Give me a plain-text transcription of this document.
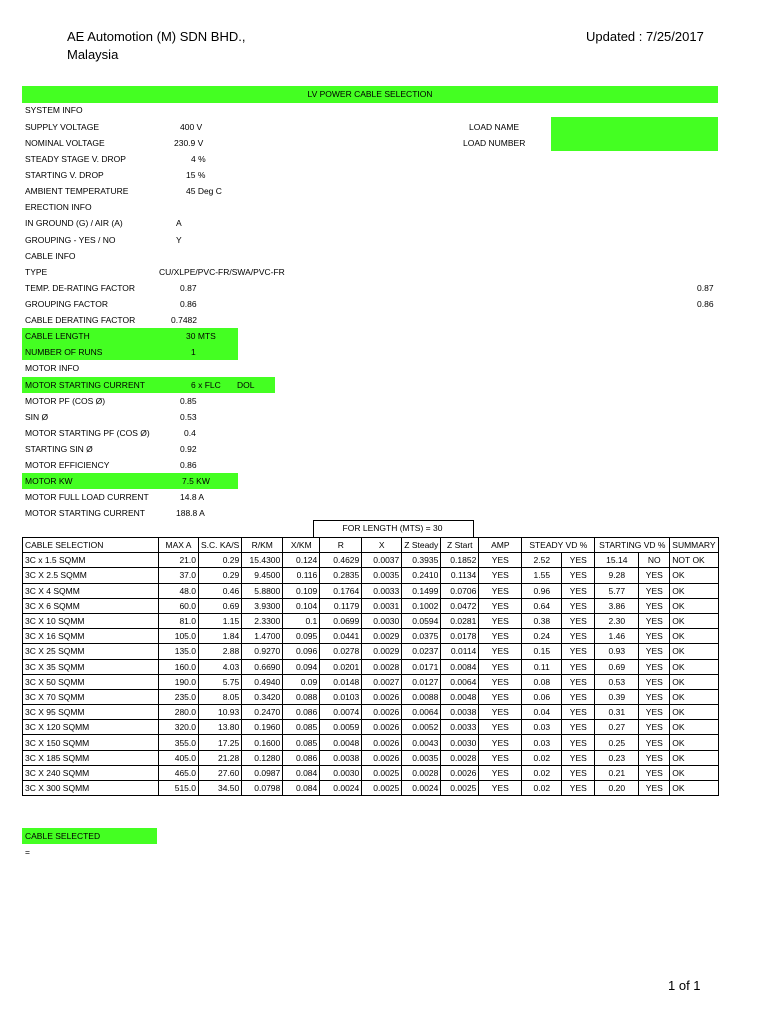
AE Automotion (M) SDN BHD.,
Malaysia
Updated : 7/25/2017
LV POWER CABLE SELECTION
LOAD NAME
LOAD NUMBER
SYSTEM INFO
SUPPLY VOLTAGE	400 V
NOMINAL VOLTAGE	230.9 V
STEADY STAGE V. DROP	4 %
STARTING V. DROP	15 %
AMBIENT TEMPERATURE	45 Deg C
ERECTION INFO
IN GROUND (G) / AIR (A)	A
GROUPING - YES / NO	Y
CABLE INFO
TYPE	CU/XLPE/PVC-FR/SWA/PVC-FR
TEMP. DE-RATING FACTOR	0.87	0.87
GROUPING FACTOR	0.86	0.86
CABLE DERATING FACTOR	0.7482
CABLE LENGTH	30 MTS
NUMBER OF RUNS	1
MOTOR INFO
MOTOR STARTING CURRENT	6 x FLC DOL
MOTOR PF (COS Ø)	0.85
SIN Ø	0.53
MOTOR STARTING PF (COS Ø)	0.4
STARTING SIN Ø	0.92
MOTOR EFFICIENCY	0.86
MOTOR KW	7.5 KW
MOTOR FULL LOAD CURRENT	14.8 A
MOTOR STARTING CURRENT	188.8 A
FOR LENGTH (MTS) = 30
CABLE SELECTION	MAX A	S.C. KA/S	R/KM	X/KM	R	X	Z Steady	Z Start	AMP	STEADY VD %		STARTING VD %		SUMMARY
3C x 1.5 SQMM	21.0	0.29	15.4300	0.124	0.4629	0.0037	0.3935	0.1852	YES	2.52	YES	15.14	NO	NOT OK
3C X 2.5 SQMM	37.0	0.29	9.4500	0.116	0.2835	0.0035	0.2410	0.1134	YES	1.55	YES	9.28	YES	OK
3C X 4 SQMM	48.0	0.46	5.8800	0.109	0.1764	0.0033	0.1499	0.0706	YES	0.96	YES	5.77	YES	OK
3C X 6 SQMM	60.0	0.69	3.9300	0.104	0.1179	0.0031	0.1002	0.0472	YES	0.64	YES	3.86	YES	OK
3C X 10 SQMM	81.0	1.15	2.3300	0.1	0.0699	0.0030	0.0594	0.0281	YES	0.38	YES	2.30	YES	OK
3C X 16 SQMM	105.0	1.84	1.4700	0.095	0.0441	0.0029	0.0375	0.0178	YES	0.24	YES	1.46	YES	OK
3C X 25 SQMM	135.0	2.88	0.9270	0.096	0.0278	0.0029	0.0237	0.0114	YES	0.15	YES	0.93	YES	OK
3C X 35 SQMM	160.0	4.03	0.6690	0.094	0.0201	0.0028	0.0171	0.0084	YES	0.11	YES	0.69	YES	OK
3C X 50 SQMM	190.0	5.75	0.4940	0.09	0.0148	0.0027	0.0127	0.0064	YES	0.08	YES	0.53	YES	OK
3C X 70 SQMM	235.0	8.05	0.3420	0.088	0.0103	0.0026	0.0088	0.0048	YES	0.06	YES	0.39	YES	OK
3C X 95 SQMM	280.0	10.93	0.2470	0.086	0.0074	0.0026	0.0064	0.0038	YES	0.04	YES	0.31	YES	OK
3C X 120 SQMM	320.0	13.80	0.1960	0.085	0.0059	0.0026	0.0052	0.0033	YES	0.03	YES	0.27	YES	OK
3C X 150 SQMM	355.0	17.25	0.1600	0.085	0.0048	0.0026	0.0043	0.0030	YES	0.03	YES	0.25	YES	OK
3C X 185 SQMM	405.0	21.28	0.1280	0.086	0.0038	0.0026	0.0035	0.0028	YES	0.02	YES	0.23	YES	OK
3C X 240 SQMM	465.0	27.60	0.0987	0.084	0.0030	0.0025	0.0028	0.0026	YES	0.02	YES	0.21	YES	OK
3C X 300 SQMM	515.0	34.50	0.0798	0.084	0.0024	0.0025	0.0024	0.0025	YES	0.02	YES	0.20	YES	OK
CABLE SELECTED
=
1 of 1
